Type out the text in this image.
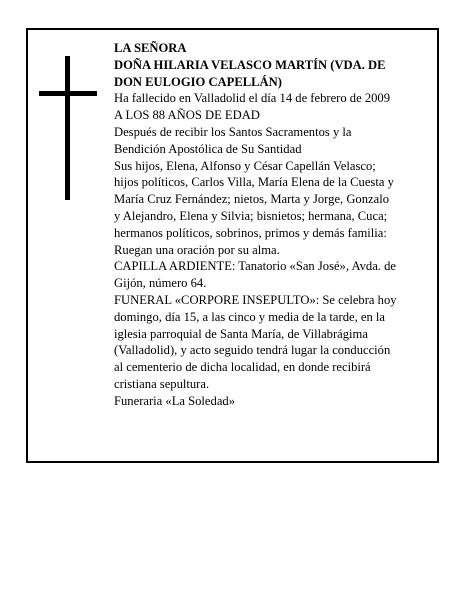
LA SEÑORA
DOÑA HILARIA VELASCO MARTÍN (VDA. DE
DON EULOGIO CAPELLÁN)
Ha fallecido en Valladolid el día 14 de febrero de 2009
A LOS 88 AÑOS DE EDAD
Después de recibir los Santos Sacramentos y la
Bendición Apostólica de Su Santidad
Sus hijos, Elena, Alfonso y César Capellán Velasco;
hijos políticos, Carlos Villa, María Elena de la Cuesta y
María Cruz Fernández; nietos, Marta y Jorge, Gonzalo
y Alejandro, Elena y Silvia; bisnietos; hermana, Cuca;
hermanos políticos, sobrinos, primos y demás familia:
Ruegan una oración por su alma.
CAPILLA ARDIENTE: Tanatorio «San José», Avda. de
Gijón, número 64.
FUNERAL «CORPORE INSEPULTO»: Se celebra hoy
domingo, día 15, a las cinco y media de la tarde, en la
iglesia parroquial de Santa María, de Villabrágima
(Valladolid), y acto seguido tendrá lugar la conducción
al cementerio de dicha localidad, en donde recibirá
cristiana sepultura.
Funeraria «La Soledad»
